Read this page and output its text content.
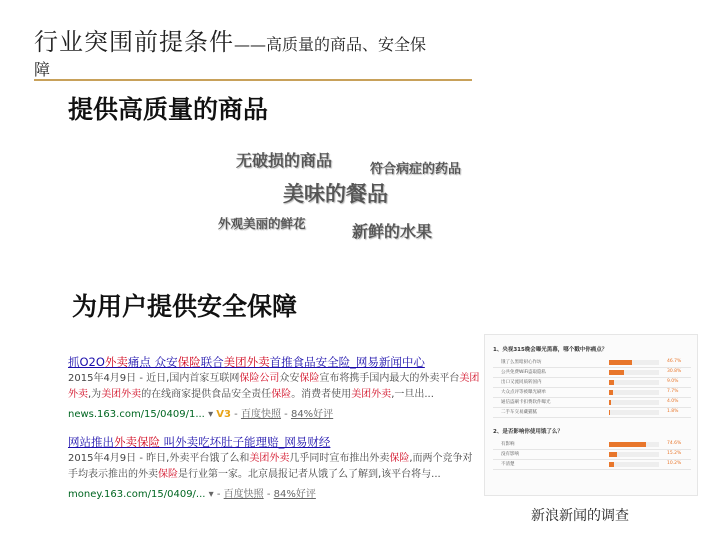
行业突围前提条件——高质量的商品、安全保障
提供高质量的商品
无破损的商品	符合病症的药品
美味的餐品
外观美丽的鲜花	新鲜的水果
为用户提供安全保障
抓O2O外卖痛点 众安保险联合美团外卖首推食品安全险_网易新闻中心
2015年4月9日 - 近日,国内首家互联网保险公司众安保险宣布将携手国内最大的外卖平台美团外卖,为美团外卖的在线商家提供食品安全责任保险。消费者使用美团外卖,一旦出...
news.163.com/15/0409/1... ▾ V3 - 百度快照 - 84%好评
网站推出外卖保险 叫外卖吃坏肚子能理赔_网易财经
2015年4月9日 - 昨日,外卖平台饿了么和美团外卖几乎同时宣布推出外卖保险,而两个竞争对手均表示推出的外卖保险是行业第一家。北京晨报记者从饿了么了解到,该平台将与...
money.163.com/15/0409/... ▾ - 百度快照 - 84%好评
1、央视315晚会曝光黑幕，哪个戳中你痛点？
饿了么黑暗厨心作坊	46.7%
公共免费WiFi盗取隐私	30.8%
出口又流同质转国内	9.0%
大众点评等被曝光刷单	7.7%
通信盗刷卡扣费软件曝光	4.0%
二手车交易藏猫腻	1.8%
2、是否影响你使用饿了么？
有影响	74.6%
没有影响	15.2%
不清楚	10.2%
新浪新闻的调查
